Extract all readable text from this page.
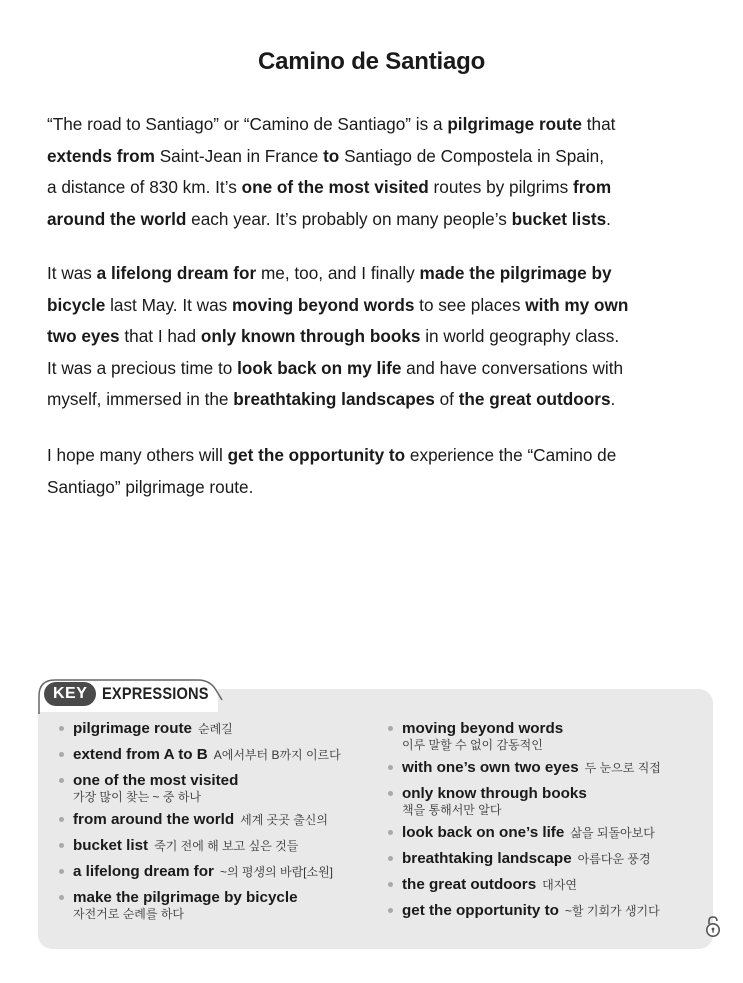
Camino de Santiago
“The road to Santiago” or “Camino de Santiago” is a pilgrimage route that
extends from Saint-Jean in France to Santiago de Compostela in Spain,
a distance of 830 km. It’s one of the most visited routes by pilgrims from
around the world each year. It’s probably on many people’s bucket lists.
It was a lifelong dream for me, too, and I finally made the pilgrimage by
bicycle last May. It was moving beyond words to see places with my own
two eyes that I had only known through books in world geography class.
It was a precious time to look back on my life and have conversations with
myself, immersed in the breathtaking landscapes of the great outdoors.
I hope many others will get the opportunity to experience the “Camino de
Santiago” pilgrimage route.
KEY EXPRESSIONS
pilgrimage route 순례길
extend from A to B A에서부터 B까지 이르다
one of the most visited
가장 많이 찾는 ~ 중 하나
from around the world 세계 곳곳 출신의
bucket list 죽기 전에 해 보고 싶은 것들
a lifelong dream for ~의 평생의 바람[소원]
make the pilgrimage by bicycle
자전거로 순례를 하다
moving beyond words
이루 말할 수 없이 감동적인
with one’s own two eyes 두 눈으로 직접
only know through books
책을 통해서만 알다
look back on one’s life 삶을 되돌아보다
breathtaking landscape 아름다운 풍경
the great outdoors 대자연
get the opportunity to ~할 기회가 생기다
